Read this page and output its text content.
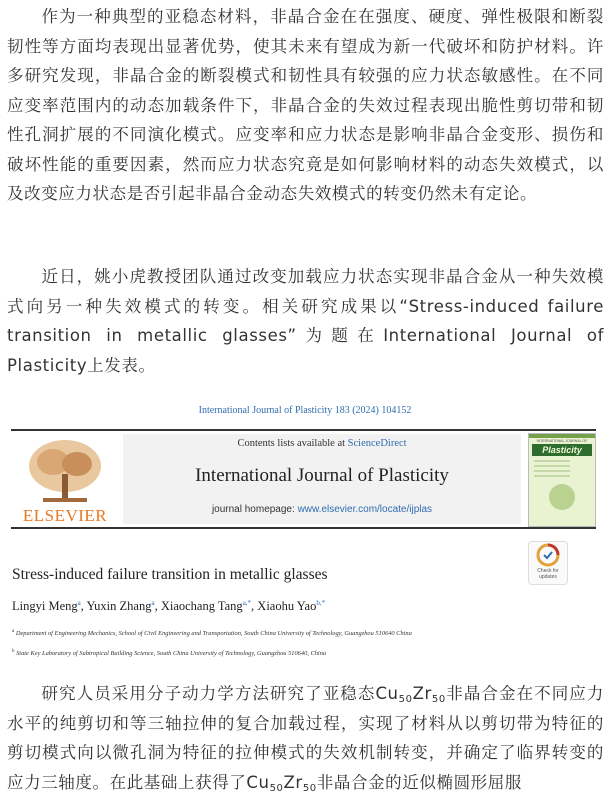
作为一种典型的亚稳态材料，非晶合金在在强度、硬度、弹性极限和断裂韧性等方面均表现出显著优势，使其未来有望成为新一代破坏和防护材料。许多研究发现，非晶合金的断裂模式和韧性具有较强的应力状态敏感性。在不同应变率范围内的动态加载条件下，非晶合金的失效过程表现出脆性剪切带和韧性孔洞扩展的不同演化模式。应变率和应力状态是影响非晶合金变形、损伤和破坏性能的重要因素，然而应力状态究竟是如何影响材料的动态失效模式，以及改变应力状态是否引起非晶合金动态失效模式的转变仍然未有定论。

近日，姚小虎教授团队通过改变加载应力状态实现非晶合金从一种失效模式向另一种失效模式的转变。相关研究成果以“Stress-induced failure transition in metallic glasses”为题在International Journal of Plasticity上发表。

International Journal of Plasticity 183 (2024) 104152
ELSEVIER
Contents lists available at ScienceDirect
International Journal of Plasticity
journal homepage: www.elsevier.com/locate/ijplas
INTERNATIONAL JOURNAL OF
Plasticity
Stress-induced failure transition in metallic glasses	Check for updates
Lingyi Meng$^a$, Yuxin Zhang$^a$, Xiaochang Tang$^{a,*}$, Xiaohu Yao$^{b,*}$
$^a$ Department of Engineering Mechanics, School of Civil Engineering and Transportation, South China University of Technology, Guangzhou 510640 China
$^b$ State Key Laboratory of Subtropical Building Science, South China University of Technology, Guangzhou 510640, China

研究人员采用分子动力学方法研究了亚稳态$Cu_{50}Zr_{50}$非晶合金在不同应力水平的纯剪切和等三轴拉伸的复合加载过程，实现了材料从以剪切带为特征的剪切模式向以微孔洞为特征的拉伸模式的失效机制转变，并确定了临界转变的应力三轴度。在此基础上获得了$Cu_{50}Zr_{50}$非晶合金的近似椭圆形屈服
